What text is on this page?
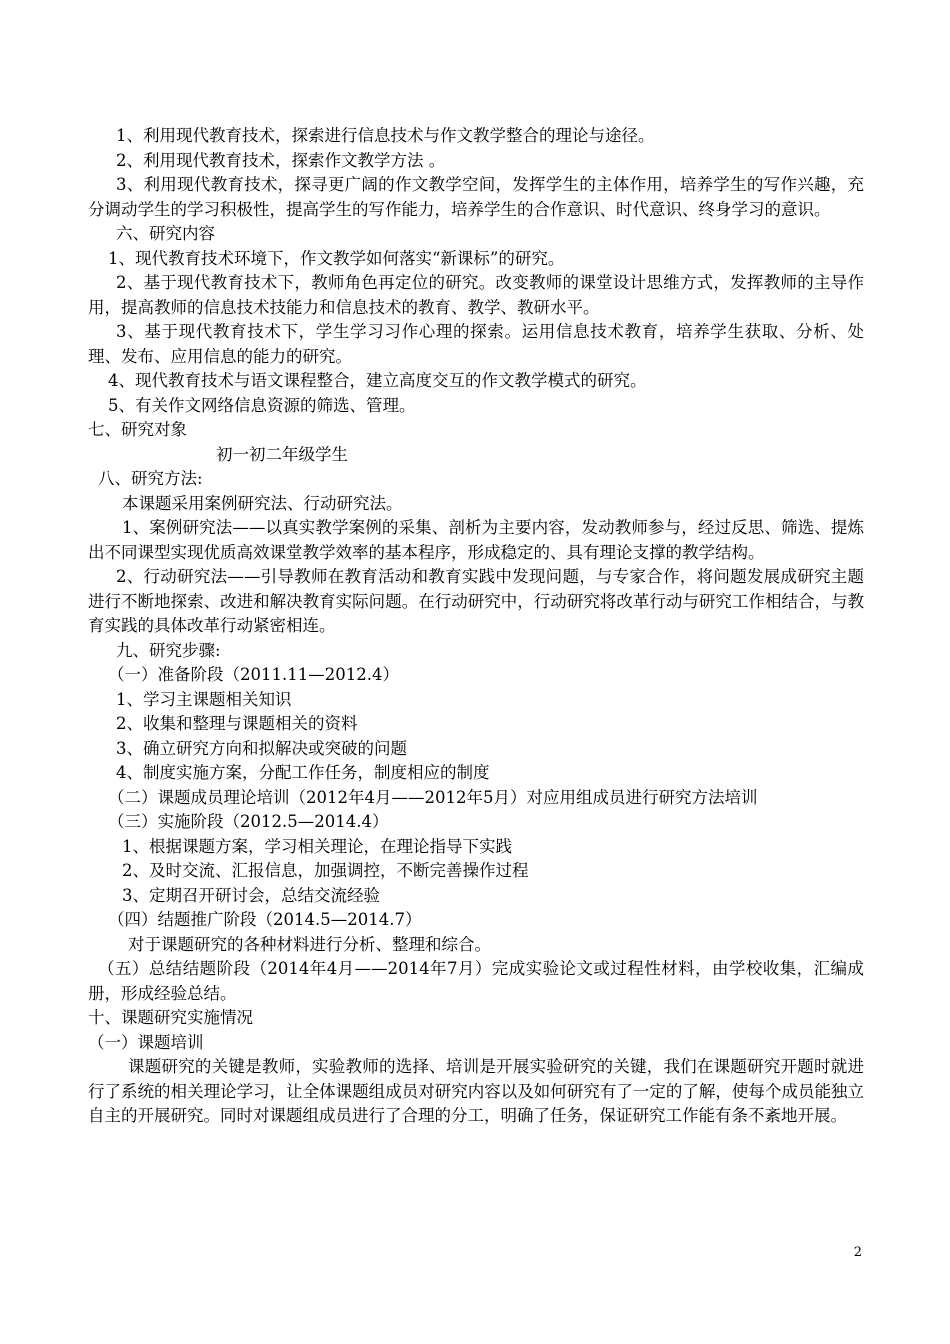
1、利用现代教育技术，探索进行信息技术与作文教学整合的理论与途径。

2、利用现代教育技术，探索作文教学方法 。

3、利用现代教育技术，探寻更广阔的作文教学空间，发挥学生的主体作用，培养学生的写作兴趣，充分调动学生的学习积极性，提高学生的写作能力，培养学生的合作意识、时代意识、终身学习的意识。

六、研究内容

1、现代教育技术环境下，作文教学如何落实“新课标”的研究。

2、基于现代教育技术下，教师角色再定位的研究。改变教师的课堂设计思维方式，发挥教师的主导作用，提高教师的信息技术技能力和信息技术的教育、教学、教研水平。

3、基于现代教育技术下，学生学习习作心理的探索。运用信息技术教育，培养学生获取、分析、处理、发布、应用信息的能力的研究。

4、现代教育技术与语文课程整合，建立高度交互的作文教学模式的研究。

5、有关作文网络信息资源的筛选、管理。

七、研究对象

初一初二年级学生

八、研究方法:

本课题采用案例研究法、行动研究法。

1、案例研究法——以真实教学案例的采集、剖析为主要内容，发动教师参与，经过反思、筛选、提炼出不同课型实现优质高效课堂教学效率的基本程序，形成稳定的、具有理论支撑的教学结构。

2、行动研究法——引导教师在教育活动和教育实践中发现问题，与专家合作，将问题发展成研究主题进行不断地探索、改进和解决教育实际问题。在行动研究中，行动研究将改革行动与研究工作相结合，与教育实践的具体改革行动紧密相连。

九、研究步骤:

（一）准备阶段（2011.11—2012.4）

1、学习主课题相关知识

2、收集和整理与课题相关的资料

3、确立研究方向和拟解决或突破的问题

4、制度实施方案，分配工作任务，制度相应的制度

（二）课题成员理论培训（2012年4月——2012年5月）对应用组成员进行研究方法培训

（三）实施阶段（2012.5—2014.4）

1、根据课题方案，学习相关理论，在理论指导下实践

2、及时交流、汇报信息，加强调控，不断完善操作过程

3、定期召开研讨会，总结交流经验

（四）结题推广阶段（2014.5—2014.7）

对于课题研究的各种材料进行分析、整理和综合。

（五）总结结题阶段（2014年4月——2014年7月）完成实验论文或过程性材料，由学校收集，汇编成册，形成经验总结。

十、课题研究实施情况

（一）课题培训

课题研究的关键是教师，实验教师的选择、培训是开展实验研究的关键，我们在课题研究开题时就进行了系统的相关理论学习，让全体课题组成员对研究内容以及如何研究有了一定的了解，使每个成员能独立自主的开展研究。同时对课题组成员进行了合理的分工，明确了任务，保证研究工作能有条不紊地开展。

2
